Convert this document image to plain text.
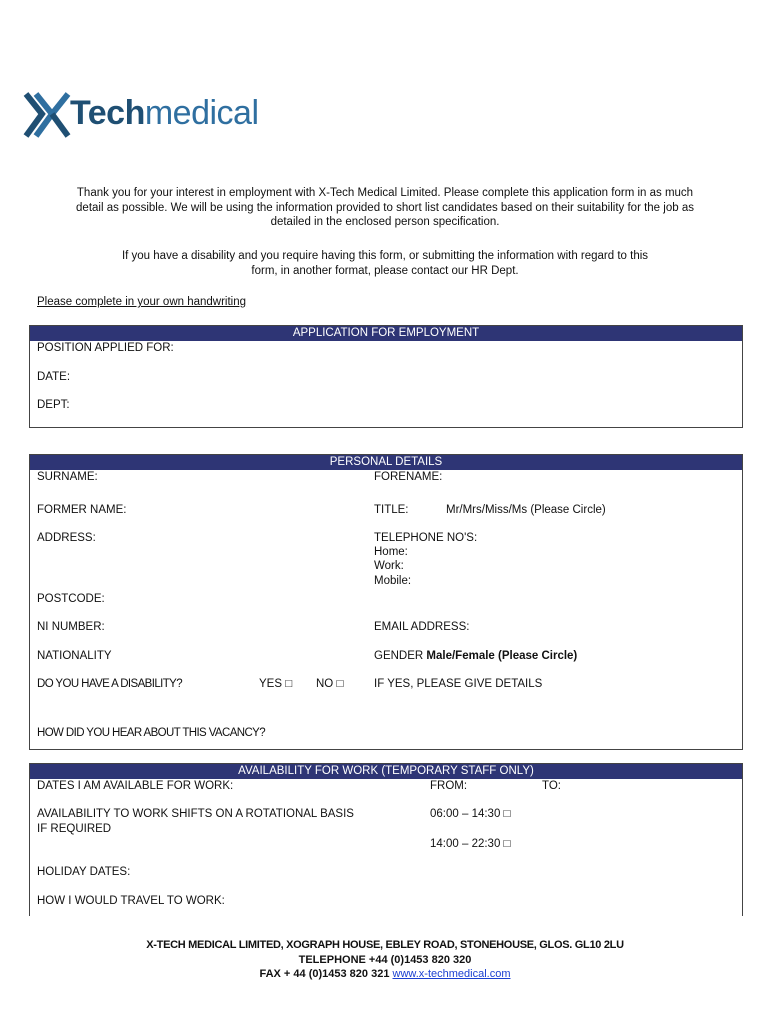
Techmedical
Thank you for your interest in employment with X-Tech Medical Limited. Please complete this application form in as much
detail as possible. We will be using the information provided to short list candidates based on their suitability for the job as
detailed in the enclosed person specification.
If you have a disability and you require having this form, or submitting the information with regard to this
form, in another format, please contact our HR Dept.
Please complete in your own handwriting
APPLICATION FOR EMPLOYMENT
POSITION APPLIED FOR:
DATE:
DEPT:
PERSONAL DETAILS
SURNAME:	FORENAME:
FORMER NAME:	TITLE:	Mr/Mrs/Miss/Ms (Please Circle)
ADDRESS:	TELEPHONE NO'S:
Home:
Work:
Mobile:
POSTCODE:
NI NUMBER:	EMAIL ADDRESS:
NATIONALITY	GENDER Male/Female (Please Circle)
DO YOU HAVE A DISABILITY?	YES □ NO □	IF YES, PLEASE GIVE DETAILS
HOW DID YOU HEAR ABOUT THIS VACANCY?
AVAILABILITY FOR WORK (TEMPORARY STAFF ONLY)
DATES I AM AVAILABLE FOR WORK:	FROM:	TO:
AVAILABILITY TO WORK SHIFTS ON A ROTATIONAL BASIS
IF REQUIRED
06:00 – 14:30 □
14:00 – 22:30 □
HOLIDAY DATES:
HOW I WOULD TRAVEL TO WORK:
X-TECH MEDICAL LIMITED, XOGRAPH HOUSE, EBLEY ROAD, STONEHOUSE, GLOS. GL10 2LU
TELEPHONE +44 (0)1453 820 320
FAX + 44 (0)1453 820 321 www.x-techmedical.com
